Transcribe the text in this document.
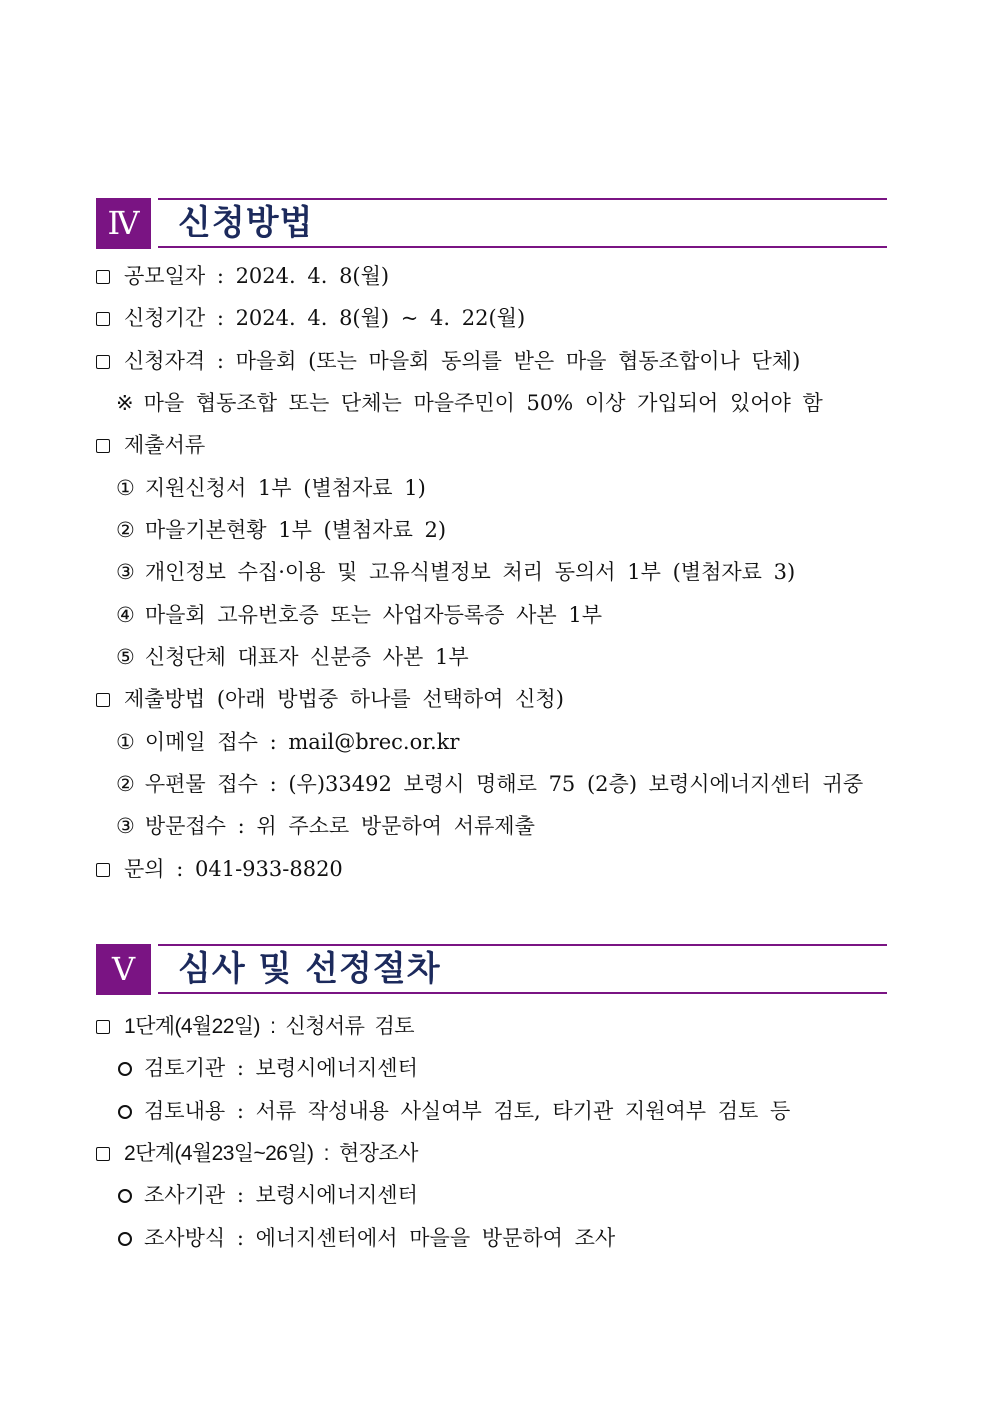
Ⅳ	신청방법
공모일자 : 2024. 4. 8(월)
신청기간 : 2024. 4. 8(월) ~ 4. 22(월)
신청자격 : 마을회 (또는 마을회 동의를 받은 마을 협동조합이나 단체)
※ 마을 협동조합 또는 단체는 마을주민이 50% 이상 가입되어 있어야 함
제출서류
① 지원신청서 1부 (별첨자료 1)
② 마을기본현황 1부 (별첨자료 2)
③ 개인정보 수집·이용 및 고유식별정보 처리 동의서 1부 (별첨자료 3)
④ 마을회 고유번호증 또는 사업자등록증 사본 1부
⑤ 신청단체 대표자 신분증 사본 1부
제출방법 (아래 방법중 하나를 선택하여 신청)
① 이메일 접수 : mail@brec.or.kr
② 우편물 접수 : (우)33492 보령시 명해로 75 (2층) 보령시에너지센터 귀중
③ 방문접수 : 위 주소로 방문하여 서류제출
문의 : 041-933-8820
Ⅴ	심사 및 선정절차
1단계(4월22일) : 신청서류 검토
검토기관 : 보령시에너지센터
검토내용 : 서류 작성내용 사실여부 검토, 타기관 지원여부 검토 등
2단계(4월23일~26일) : 현장조사
조사기관 : 보령시에너지센터
조사방식 : 에너지센터에서 마을을 방문하여 조사
